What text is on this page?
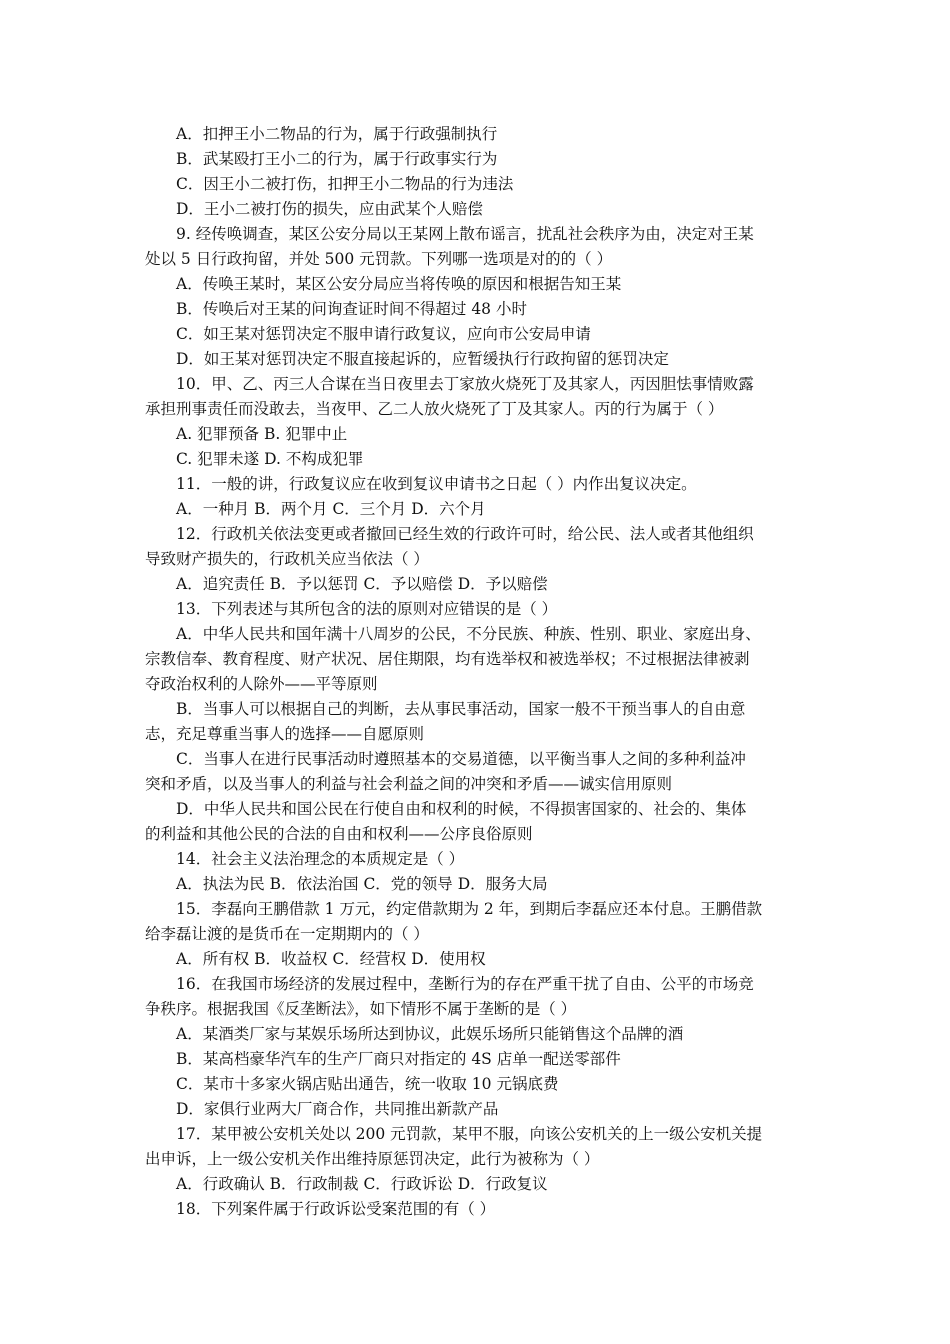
A．扣押王小二物品的行为，属于行政强制执行
B．武某殴打王小二的行为，属于行政事实行为
C．因王小二被打伤，扣押王小二物品的行为违法
D．王小二被打伤的损失，应由武某个人赔偿
9. 经传唤调查，某区公安分局以王某网上散布谣言，扰乱社会秩序为由，决定对王某
处以 5 日行政拘留，并处 500 元罚款。下列哪一选项是对的的（ ）
A．传唤王某时，某区公安分局应当将传唤的原因和根据告知王某
B．传唤后对王某的问询查证时间不得超过 48 小时
C．如王某对惩罚决定不服申请行政复议，应向市公安局申请
D．如王某对惩罚决定不服直接起诉的，应暂缓执行行政拘留的惩罚决定
10．甲、乙、丙三人合谋在当日夜里去丁家放火烧死丁及其家人，丙因胆怯事情败露
承担刑事责任而没敢去，当夜甲、乙二人放火烧死了丁及其家人。丙的行为属于（ ）
A. 犯罪预备 B. 犯罪中止
C. 犯罪未遂 D. 不构成犯罪
11．一般的讲，行政复议应在收到复议申请书之日起（ ）内作出复议决定。
A．一种月 B．两个月 C．三个月 D．六个月
12．行政机关依法变更或者撤回已经生效的行政许可时，给公民、法人或者其他组织
导致财产损失的，行政机关应当依法（ ）
A．追究责任 B．予以惩罚 C．予以赔偿 D．予以赔偿
13．下列表述与其所包含的法的原则对应错误的是（ ）
A．中华人民共和国年满十八周岁的公民，不分民族、种族、性别、职业、家庭出身、
宗教信奉、教育程度、财产状况、居住期限，均有选举权和被选举权；不过根据法律被剥
夺政治权利的人除外——平等原则
B．当事人可以根据自己的判断，去从事民事活动，国家一般不干预当事人的自由意
志，充足尊重当事人的选择——自愿原则
C．当事人在进行民事活动时遵照基本的交易道德，以平衡当事人之间的多种利益冲
突和矛盾，以及当事人的利益与社会利益之间的冲突和矛盾——诚实信用原则
D．中华人民共和国公民在行使自由和权利的时候，不得损害国家的、社会的、集体
的利益和其他公民的合法的自由和权利——公序良俗原则
14．社会主义法治理念的本质规定是（ ）
A．执法为民 B．依法治国 C．党的领导 D．服务大局
15．李磊向王鹏借款 1 万元，约定借款期为 2 年，到期后李磊应还本付息。王鹏借款
给李磊让渡的是货币在一定期期内的（ ）
A．所有权 B．收益权 C．经营权 D．使用权
16．在我国市场经济的发展过程中，垄断行为的存在严重干扰了自由、公平的市场竞
争秩序。根据我国《反垄断法》，如下情形不属于垄断的是（ ）
A．某酒类厂家与某娱乐场所达到协议，此娱乐场所只能销售这个品牌的酒
B．某高档豪华汽车的生产厂商只对指定的 4S 店单一配送零部件
C．某市十多家火锅店贴出通告，统一收取 10 元锅底费
D．家俱行业两大厂商合作，共同推出新款产品
17．某甲被公安机关处以 200 元罚款，某甲不服，向该公安机关的上一级公安机关提
出申诉，上一级公安机关作出维持原惩罚决定，此行为被称为（ ）
A．行政确认 B．行政制裁 C．行政诉讼 D．行政复议
18．下列案件属于行政诉讼受案范围的有（ ）
